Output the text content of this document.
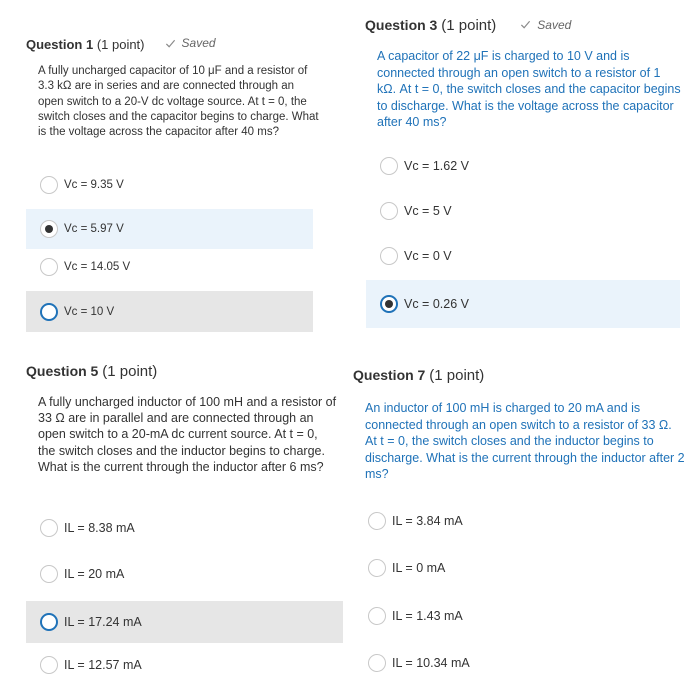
Question 1 (1 point)	Saved
A fully uncharged capacitor of 10 μF and a resistor of 3.3 kΩ are in series and are connected through an open switch to a 20-V dc voltage source. At t = 0, the switch closes and the capacitor begins to charge. What is the voltage across the capacitor after 40 ms?
Vc = 9.35 V
Vc = 5.97 V
Vc = 14.05 V
Vc = 10 V
Question 3 (1 point)	Saved
A capacitor of 22 μF is charged to 10 V and is connected through an open switch to a resistor of 1 kΩ. At t = 0, the switch closes and the capacitor begins to discharge. What is the voltage across the capacitor after 40 ms?
Vc = 1.62 V
Vc = 5 V
Vc = 0 V
Vc = 0.26 V
Question 5 (1 point)
A fully uncharged inductor of 100 mH and a resistor of 33 Ω are in parallel and are connected through an open switch to a 20-mA dc current source. At t = 0, the switch closes and the inductor begins to charge. What is the current through the inductor after 6 ms?
IL = 8.38 mA
IL = 20 mA
IL = 17.24 mA
IL = 12.57 mA
Question 7 (1 point)
An inductor of 100 mH is charged to 20 mA and is connected through an open switch to a resistor of 33 Ω. At t = 0, the switch closes and the inductor begins to discharge. What is the current through the inductor after 2 ms?
IL = 3.84 mA
IL = 0 mA
IL = 1.43 mA
IL = 10.34 mA
